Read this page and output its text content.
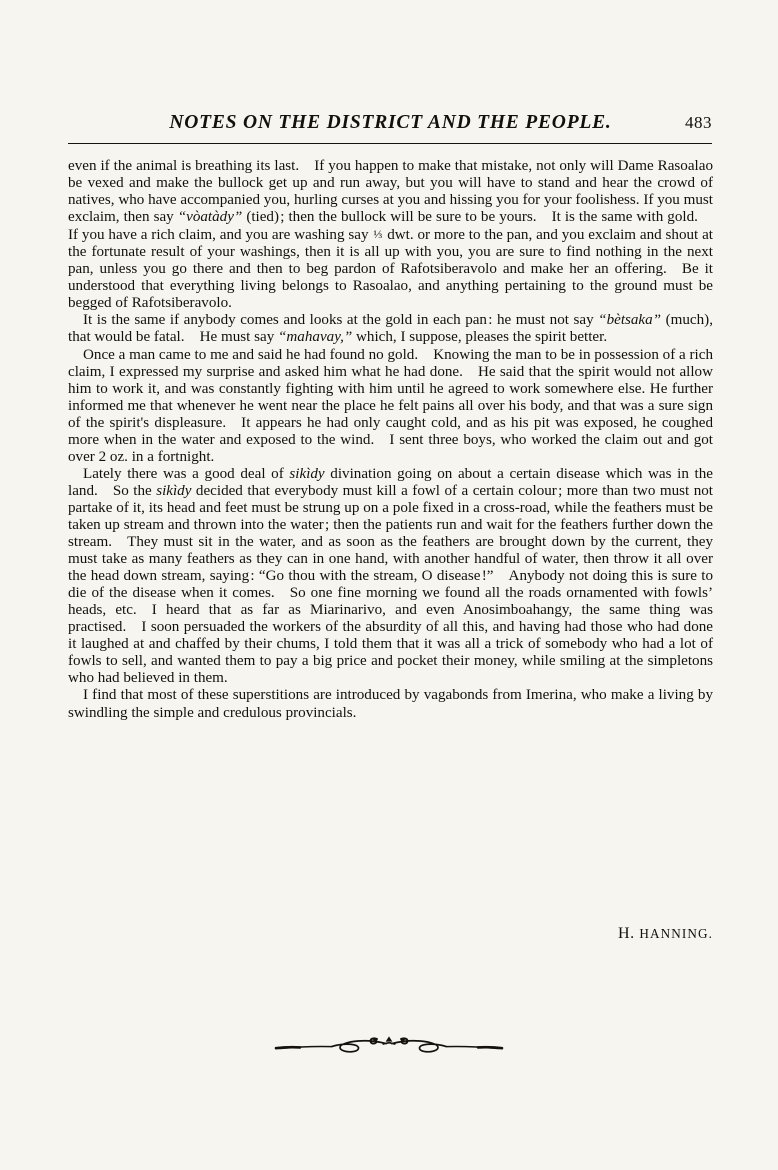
NOTES ON THE DISTRICT AND THE PEOPLE.	483

even if the animal is breathing its last. If you happen to make that mistake, not only will Dame Rasoalao be vexed and make the bullock get up and run away, but you will have to stand and hear the crowd of natives, who have accompanied you, hurling curses at you and hissing you for your foolishess. If you must exclaim, then say “vòatàdy” (tied) ; then the bullock will be sure to be yours. It is the same with gold. If you have a rich claim, and you are washing say ⅓ dwt. or more to the pan, and you exclaim and shout at the fortunate result of your washings, then it is all up with you, you are sure to find nothing in the next pan, unless you go there and then to beg pardon of Rafotsiberavolo and make her an offering. Be it understood that everything living belongs to Rasoalao, and anything pertaining to the ground must be begged of Rafotsiberavolo.

It is the same if anybody comes and looks at the gold in each pan : he must not say “bètsaka” (much), that would be fatal. He must say “mahavay,” which, I suppose, pleases the spirit better.

Once a man came to me and said he had found no gold. Knowing the man to be in possession of a rich claim, I expressed my surprise and asked him what he had done. He said that the spirit would not allow him to work it, and was constantly fighting with him until he agreed to work somewhere else. He further informed me that whenever he went near the place he felt pains all over his body, and that was a sure sign of the spirit's displeasure. It appears he had only caught cold, and as his pit was exposed, he coughed more when in the water and exposed to the wind. I sent three boys, who worked the claim out and got over 2 oz. in a fortnight.

Lately there was a good deal of sikìdy divination going on about a certain disease which was in the land. So the sikìdy decided that everybody must kill a fowl of a certain colour ; more than two must not partake of it, its head and feet must be strung up on a pole fixed in a cross-road, while the feathers must be taken up stream and thrown into the water ; then the patients run and wait for the feathers further down the stream. They must sit in the water, and as soon as the feathers are brought down by the current, they must take as many feathers as they can in one hand, with another handful of water, then throw it all over the head down stream, saying : “Go thou with the stream, O disease !” Anybody not doing this is sure to die of the disease when it comes. So one fine morning we found all the roads ornamented with fowls’ heads, etc. I heard that as far as Miarinarivo, and even Anosimboahangy, the same thing was practised. I soon persuaded the workers of the absurdity of all this, and having had those who had done it laughed at and chaffed by their chums, I told them that it was all a trick of somebody who had a lot of fowls to sell, and wanted them to pay a big price and pocket their money, while smiling at the simpletons who had believed in them.

I find that most of these superstitions are introduced by vagabonds from Imerina, who make a living by swindling the simple and credulous provincials.

H. HANNING.
